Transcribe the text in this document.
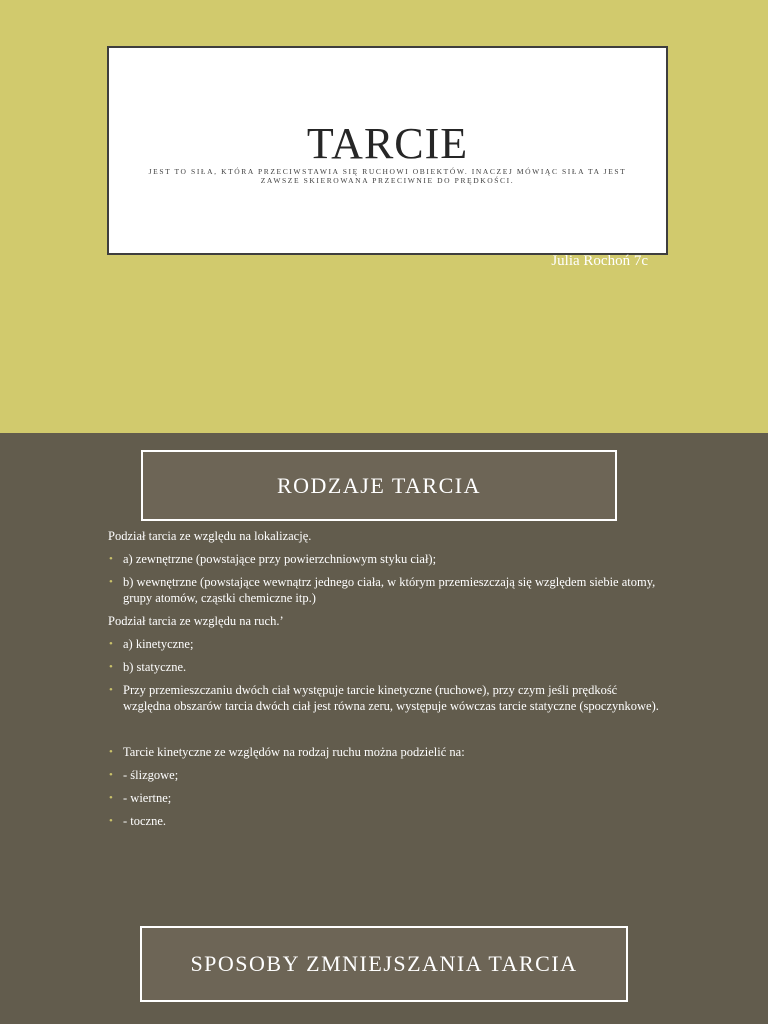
TARCIE
JEST TO SIŁA, KTÓRA PRZECIWSTAWIA SIĘ RUCHOWI OBIEKTÓW. INACZEJ MÓWIĄC SIŁA TA JEST ZAWSZE SKIEROWANA PRZECIWNIE DO PRĘDKOŚCI.
Julia Rochoń 7c
RODZAJE TARCIA

Podział tarcia ze względu na lokalizację.

• a) zewnętrzne (powstające przy powierzchniowym styku ciał);
• b) wewnętrzne (powstające wewnątrz jednego ciała, w którym przemieszczają się względem siebie atomy, grupy atomów, cząstki chemiczne itp.)

Podział tarcia ze względu na ruch.’

• a) kinetyczne;
• b) statyczne.
• Przy przemieszczaniu dwóch ciał występuje tarcie kinetyczne (ruchowe), przy czym jeśli prędkość względna obszarów tarcia dwóch ciał jest równa zeru, występuje wówczas tarcie statyczne (spoczynkowe).
• Tarcie kinetyczne ze względów na rodzaj ruchu można podzielić na:
• - ślizgowe;
• - wiertne;
• - toczne.
SPOSOBY ZMNIEJSZANIA TARCIA
